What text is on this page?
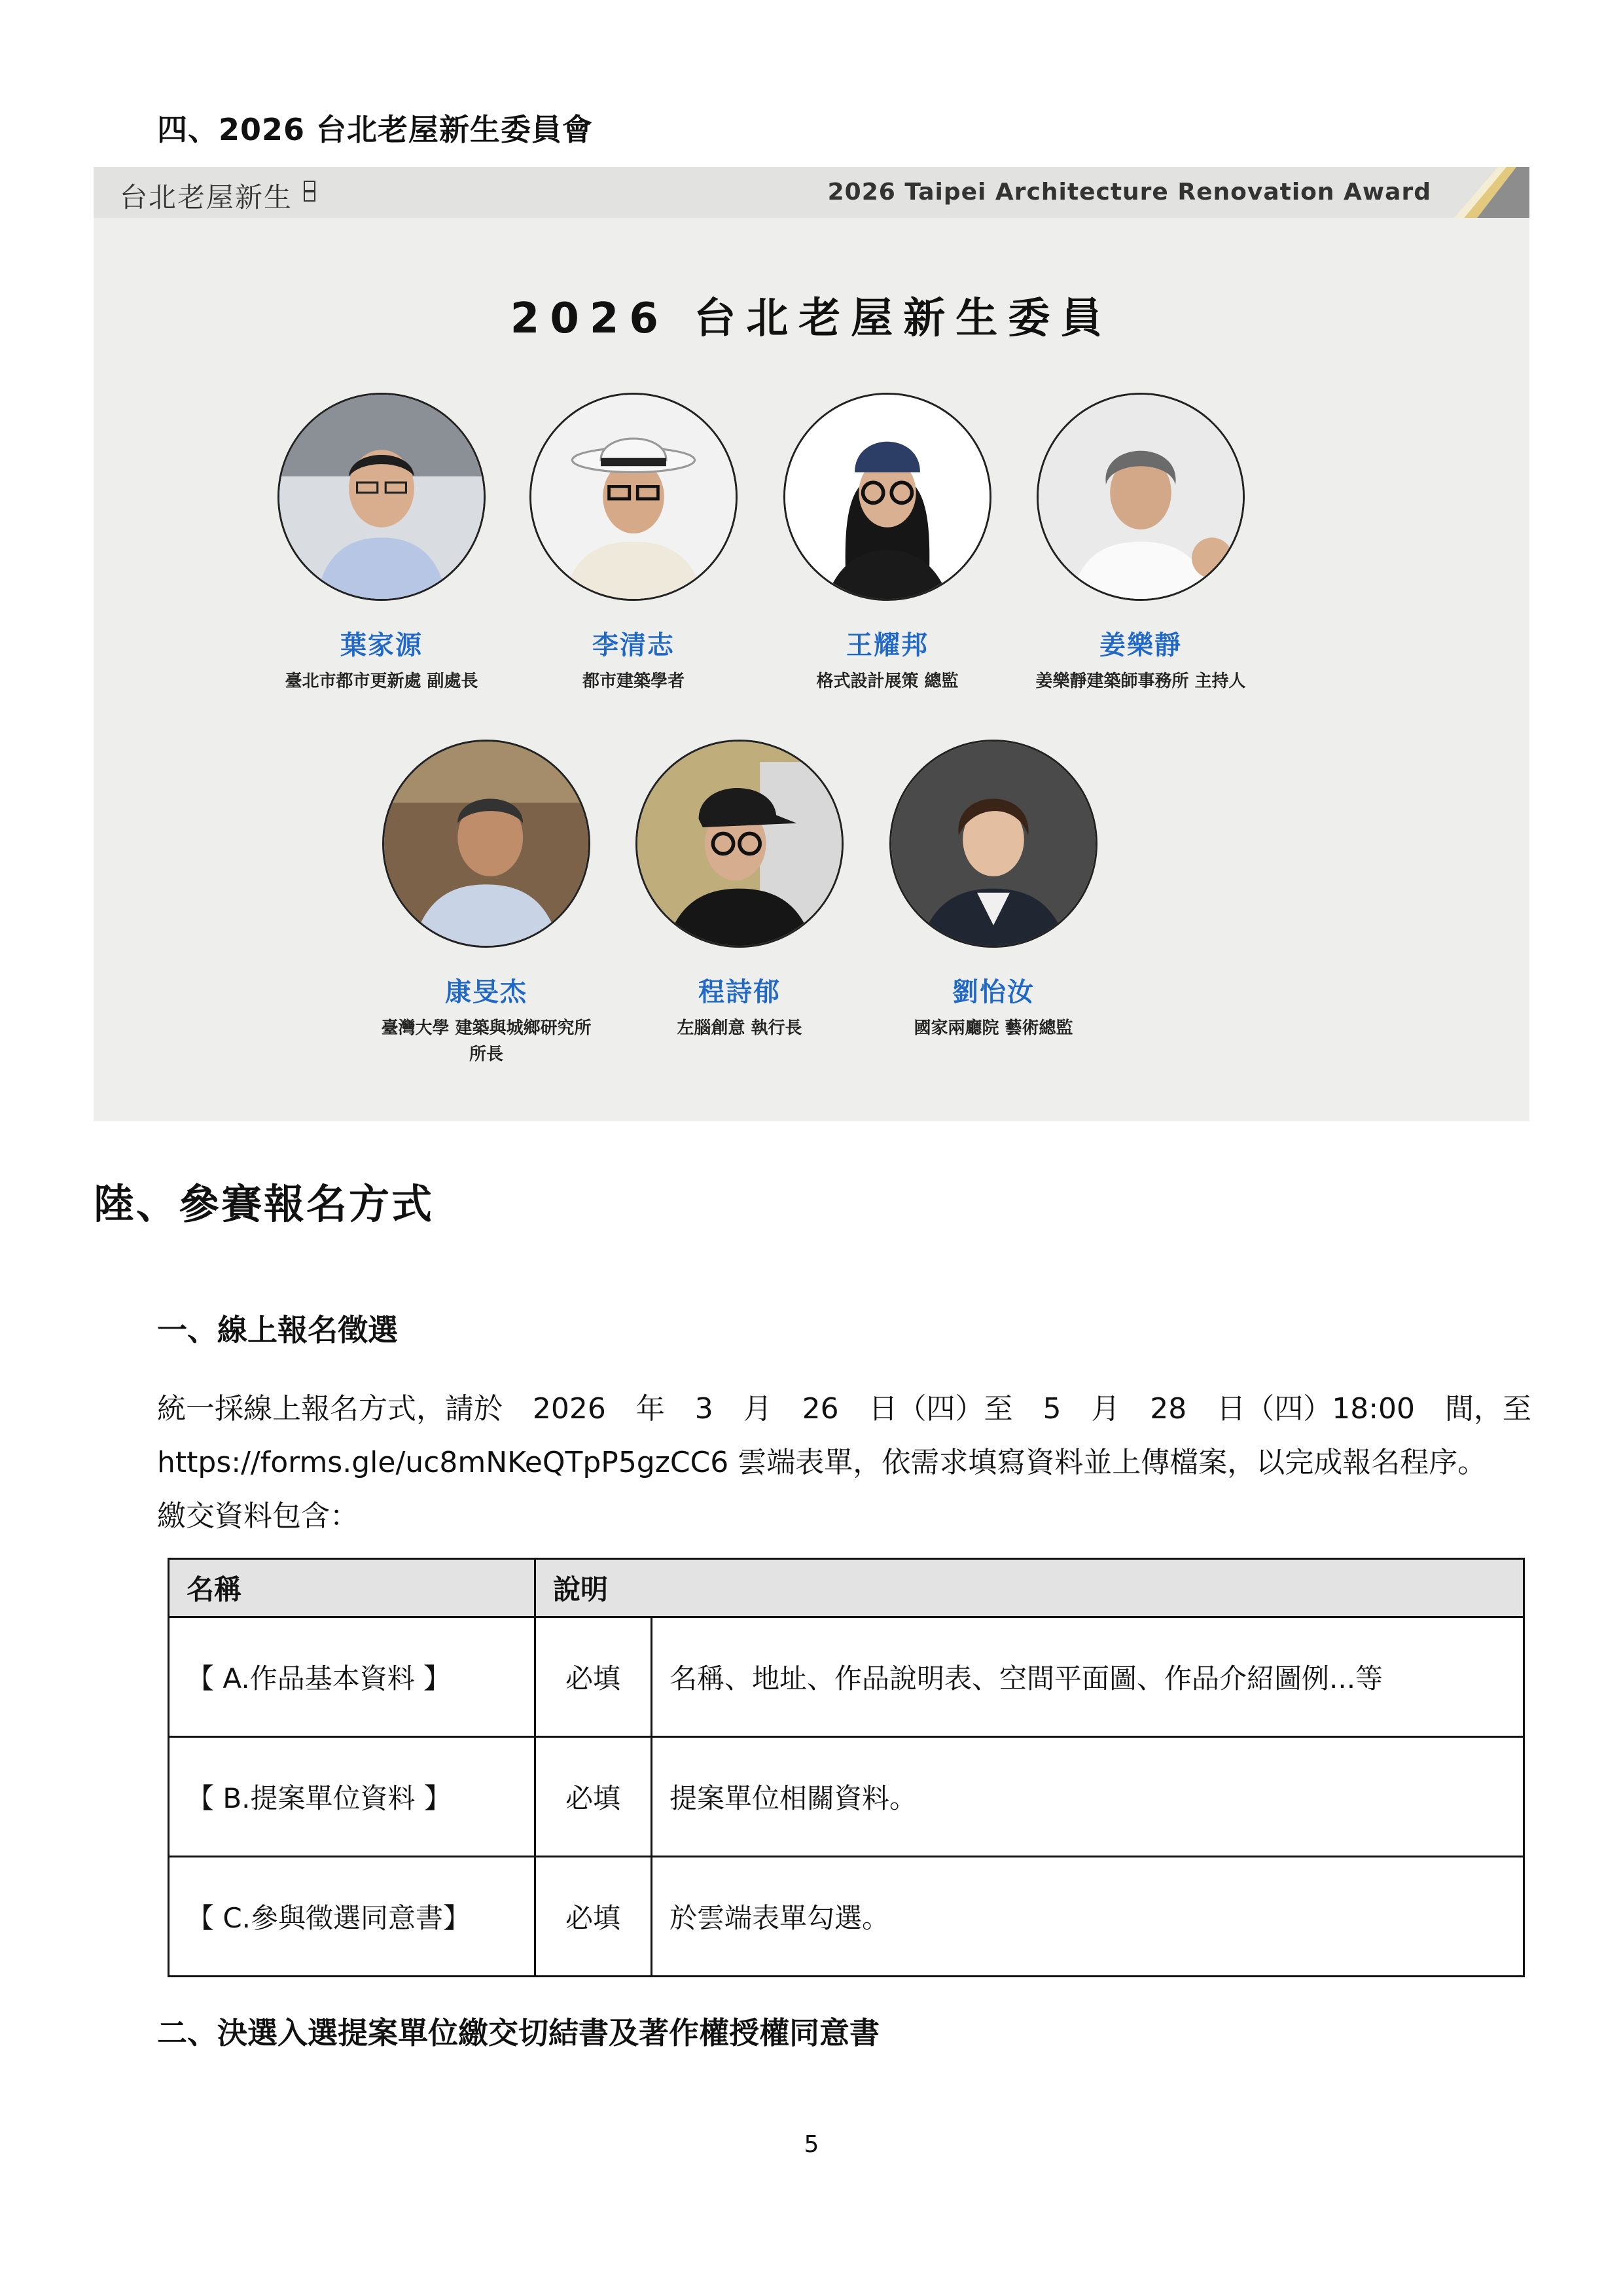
四、2026 台北老屋新生委員會
台北老屋新生	2026 Taipei Architecture Renovation Award
2026 台北老屋新生委員
葉家源
臺北市都市更新處 副處長
李清志
都市建築學者
王耀邦
格式設計展策 總監
姜樂靜
姜樂靜建築師事務所 主持人
康旻杰
臺灣大學 建築與城鄉研究所
所長
程詩郁
左腦創意 執行長
劉怡汝
國家兩廳院 藝術總監
陸、參賽報名方式
一、線上報名徵選
統一採線上報名方式，請於 2026 年 3 月 26 日（四）至 5 月 28 日（四）18:00 間，至
https://forms.gle/uc8mNKeQTpP5gzCC6 雲端表單，依需求填寫資料並上傳檔案，以完成報名程序。
繳交資料包含：
名稱	說明	
【 A.作品基本資料 】	必填	名稱、地址、作品說明表、空間平面圖、作品介紹圖例...等
【 B.提案單位資料 】	必填	提案單位相關資料。
【 C.參與徵選同意書】	必填	於雲端表單勾選。
二、決選入選提案單位繳交切結書及著作權授權同意書
5
